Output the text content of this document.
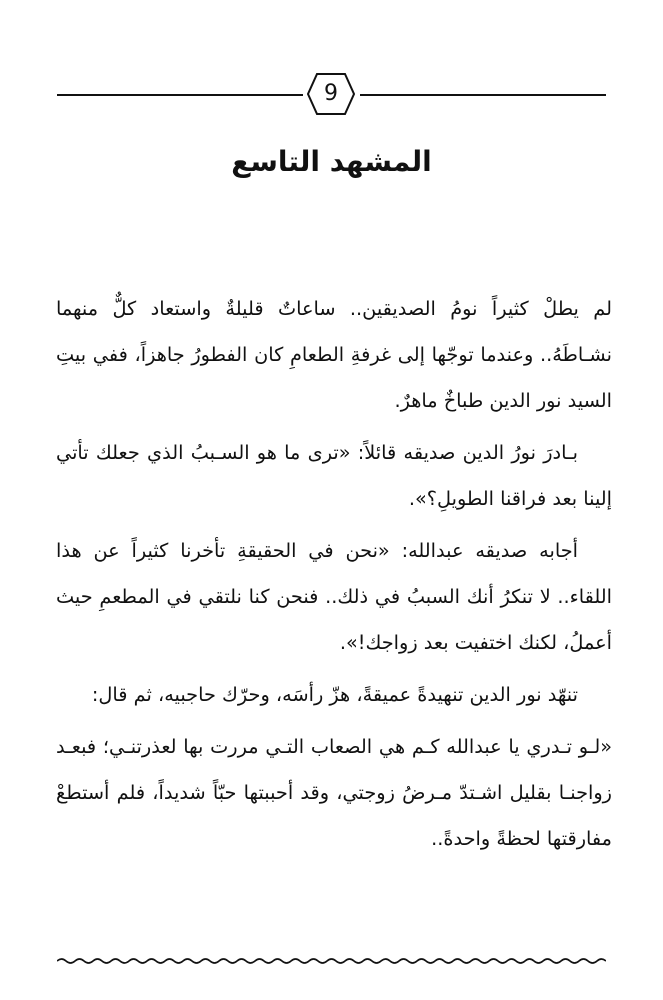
9
المشهد التاسع

لم يطلْ كثيراً نومُ الصديقين.. ساعاتٌ قليلةٌ واستعاد كلٌّ منهما نشـاطَهُ.. وعندما توجّها إلى غرفةِ الطعامِ كان الفطورُ جاهزاً، ففي بيتِ السيد نور الدين طباخٌ ماهرٌ.

بـادرَ نورُ الدين صديقه قائلاً: «ترى ما هو السـببُ الذي جعلك تأتي إلينا بعد فراقنا الطويلِ؟».

أجابه صديقه عبدالله: «نحن في الحقيقةِ تأخرنا كثيراً عن هذا اللقاء.. لا تنكرُ أنك السببُ في ذلك.. فنحن كنا نلتقي في المطعمِ حيث أعملُ، لكنك اختفيت بعد زواجك!».

تنهّد نور الدين تنهيدةً عميقةً، هزّ رأسَه، وحرّك حاجبيه، ثم قال:

«لـو تـدري يا عبدالله كـم هي الصعاب التـي مررت بها لعذرتنـي؛ فبعـد زواجنـا بقليل اشـتدّ مـرضُ زوجتي، وقد أحببتها حبّاً شديداً، فلم أستطعْ مفارقتها لحظةً واحدةً..
